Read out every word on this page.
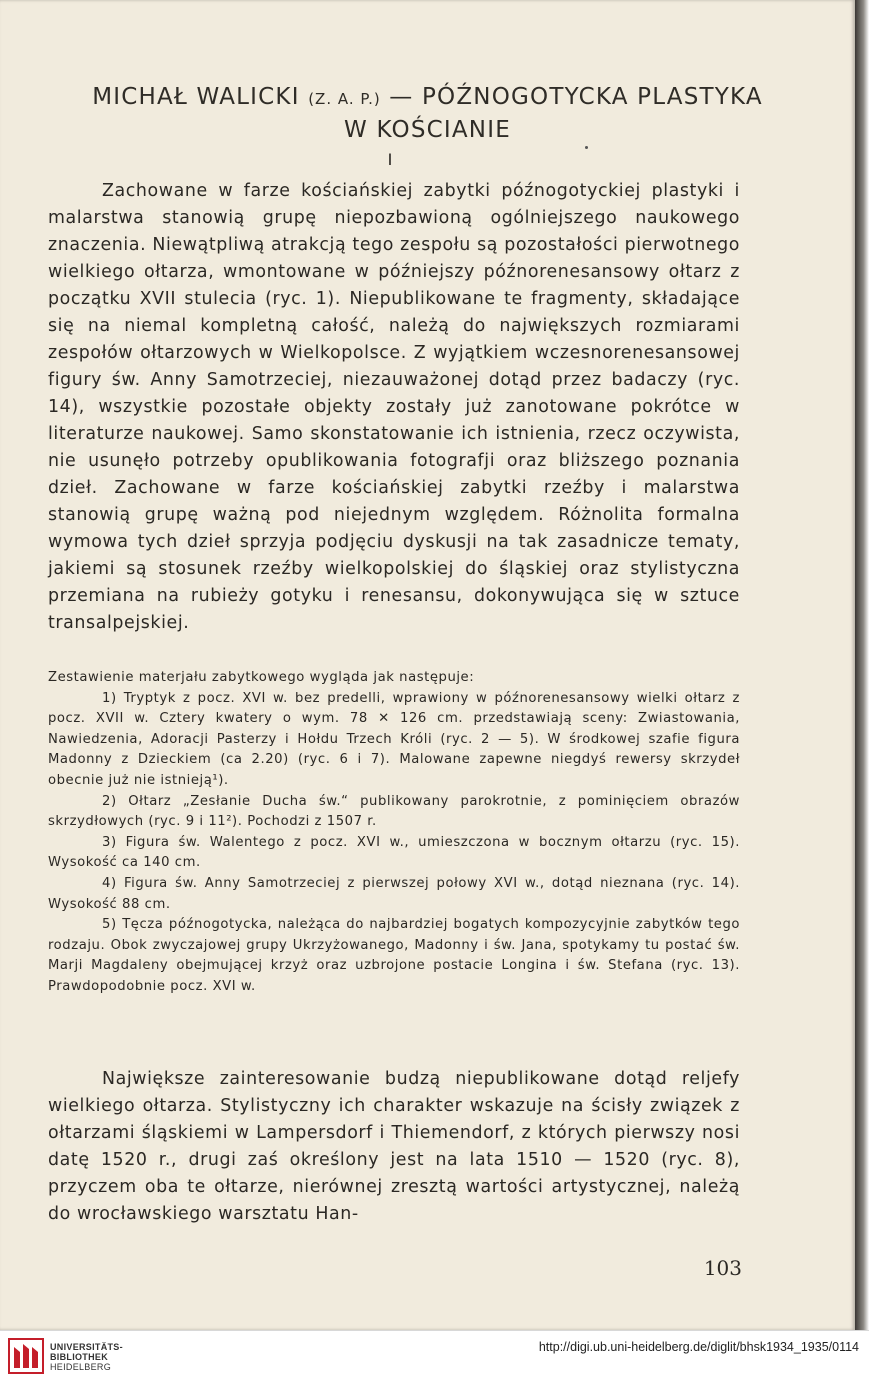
MICHAŁ WALICKI (Z. A. P.) — PÓŹNOGOTYCKA PLASTYKA
W KOŚCIANIE
I

Zachowane w farze kościańskiej zabytki późnogotyckiej plastyki i malarstwa stanowią grupę niepozbawioną ogólniejszego naukowego znaczenia. Niewątpliwą atrakcją tego zespołu są pozostałości pierwotnego wielkiego ołtarza, wmontowane w późniejszy późnorenesansowy ołtarz z początku XVII stulecia (ryc. 1). Niepublikowane te fragmenty, składające się na niemal kompletną całość, należą do największych rozmiarami zespołów ołtarzowych w Wielkopolsce. Z wyjątkiem wczesnorenesansowej figury św. Anny Samotrzeciej, niezauważonej dotąd przez badaczy (ryc. 14), wszystkie pozostałe objekty zostały już zanotowane pokrótce w literaturze naukowej. Samo skonstatowanie ich istnienia, rzecz oczywista, nie usunęło potrzeby opublikowania fotografji oraz bliższego poznania dzieł. Zachowane w farze kościańskiej zabytki rzeźby i malarstwa stanowią grupę ważną pod niejednym względem. Różnolita formalna wymowa tych dzieł sprzyja podjęciu dyskusji na tak zasadnicze tematy, jakiemi są stosunek rzeźby wielkopolskiej do śląskiej oraz stylistyczna przemiana na rubieży gotyku i renesansu, dokonywująca się w sztuce transalpejskiej.

Zestawienie materjału zabytkowego wygląda jak następuje:

1) Tryptyk z pocz. XVI w. bez predelli, wprawiony w późnorenesansowy wielki ołtarz z pocz. XVII w. Cztery kwatery o wym. 78 ✕ 126 cm. przedstawiają sceny: Zwiastowania, Nawiedzenia, Adoracji Pasterzy i Hołdu Trzech Króli (ryc. 2 — 5). W środkowej szafie figura Madonny z Dzieckiem (ca 2.20) (ryc. 6 i 7). Malowane zapewne niegdyś rewersy skrzydeł obecnie już nie istnieją¹).

2) Ołtarz „Zesłanie Ducha św.“ publikowany parokrotnie, z pominięciem obrazów skrzydłowych (ryc. 9 i 11²). Pochodzi z 1507 r.

3) Figura św. Walentego z pocz. XVI w., umieszczona w bocznym ołtarzu (ryc. 15). Wysokość ca 140 cm.

4) Figura św. Anny Samotrzeciej z pierwszej połowy XVI w., dotąd nieznana (ryc. 14). Wysokość 88 cm.

5) Tęcza późnogotycka, należąca do najbardziej bogatych kompozycyjnie zabytków tego rodzaju. Obok zwyczajowej grupy Ukrzyżowanego, Madonny i św. Jana, spotykamy tu postać św. Marji Magdaleny obejmującej krzyż oraz uzbrojone postacie Longina i św. Stefana (ryc. 13). Prawdopodobnie pocz. XVI w.

Największe zainteresowanie budzą niepublikowane dotąd reljefy wielkiego ołtarza. Stylistyczny ich charakter wskazuje na ścisły związek z ołtarzami śląskiemi w Lampersdorf i Thiemendorf, z których pierwszy nosi datę 1520 r., drugi zaś określony jest na lata 1510 — 1520 (ryc. 8), przyczem oba te ołtarze, nierównej zresztą wartości artystycznej, należą do wrocławskiego warsztatu Han-

103
UNIVERSITÄTS-
BIBLIOTHEK
HEIDELBERG
http://digi.ub.uni-heidelberg.de/diglit/bhsk1934_1935/0114
